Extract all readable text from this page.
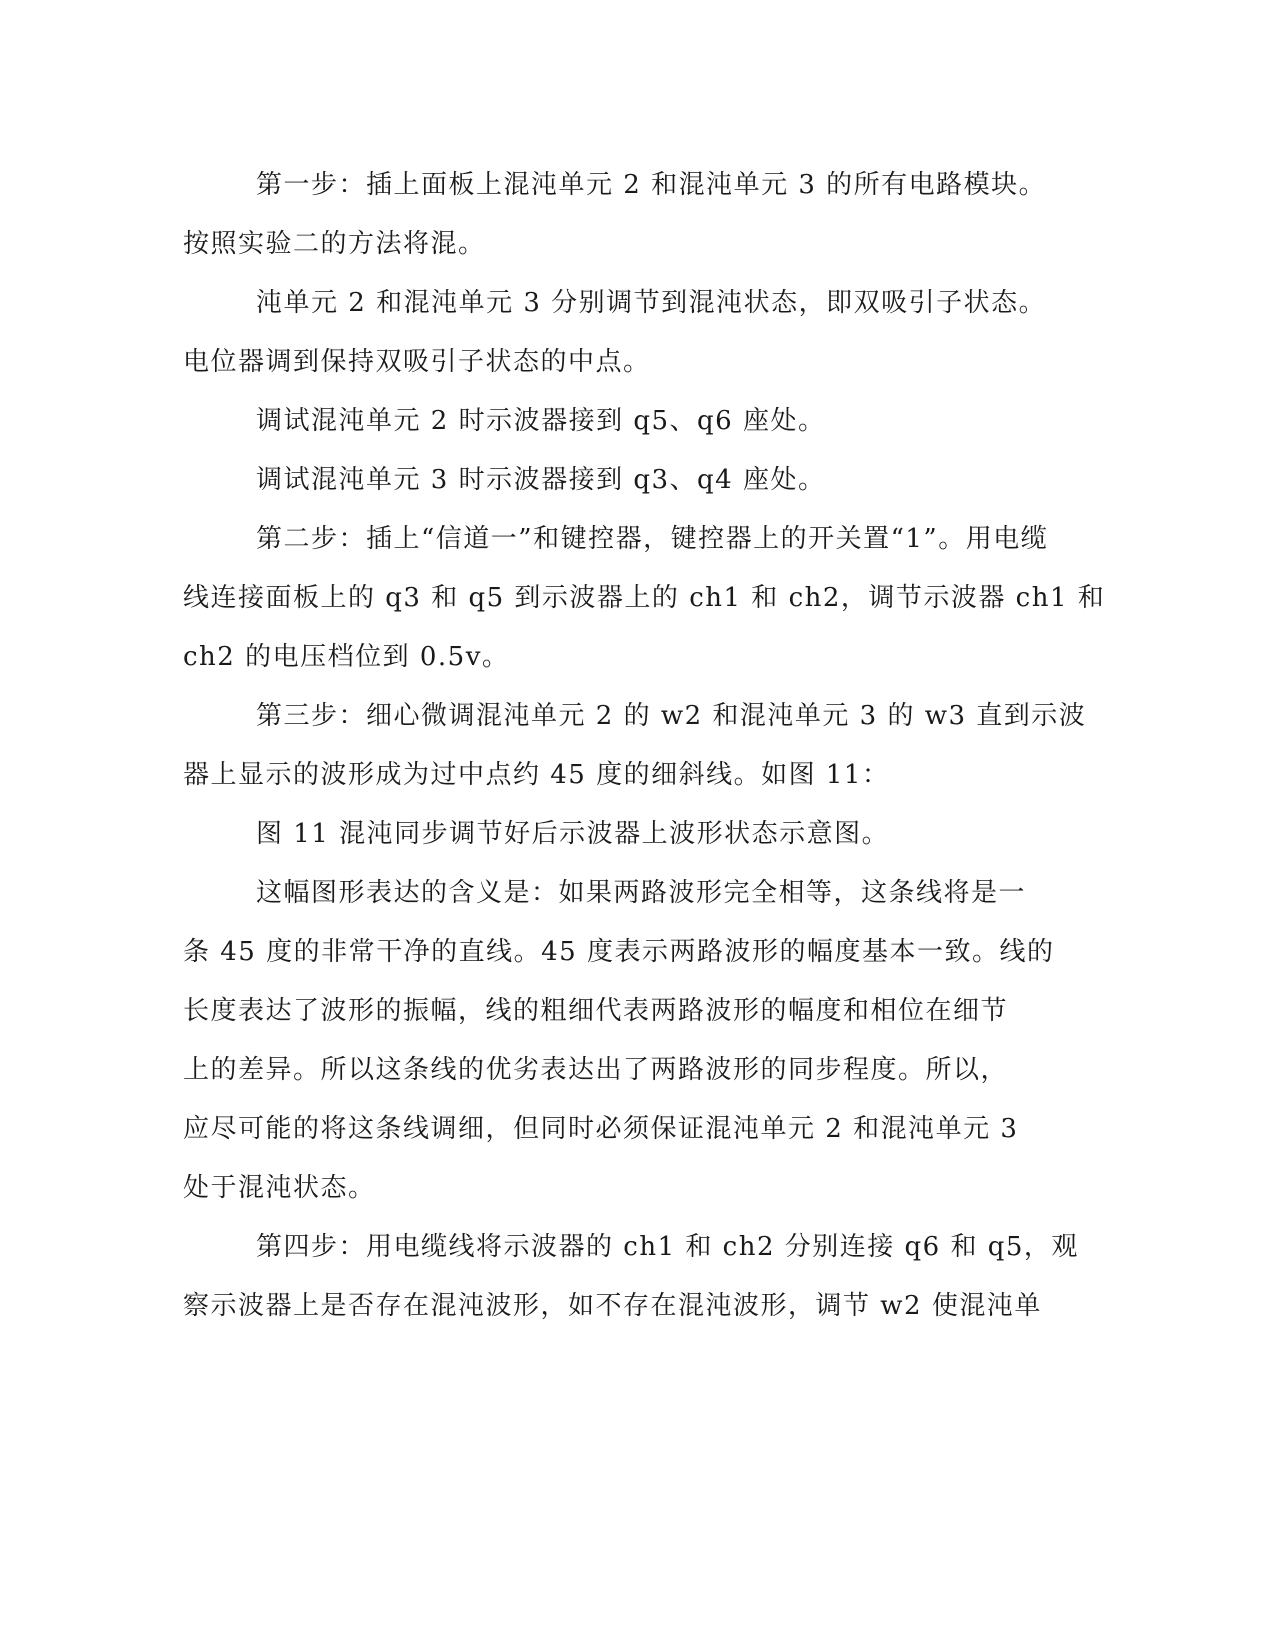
第一步：插上面板上混沌单元 2 和混沌单元 3 的所有电路模块。
按照实验二的方法将混。
沌单元 2 和混沌单元 3 分别调节到混沌状态，即双吸引子状态。
电位器调到保持双吸引子状态的中点。
调试混沌单元 2 时示波器接到 q5、q6 座处。
调试混沌单元 3 时示波器接到 q3、q4 座处。
第二步：插上“信道一”和键控器，键控器上的开关置“1”。用电缆
线连接面板上的 q3 和 q5 到示波器上的 ch1 和 ch2，调节示波器 ch1 和
ch2 的电压档位到 0.5v。
第三步：细心微调混沌单元 2 的 w2 和混沌单元 3 的 w3 直到示波
器上显示的波形成为过中点约 45 度的细斜线。如图 11：
图 11 混沌同步调节好后示波器上波形状态示意图。
这幅图形表达的含义是：如果两路波形完全相等，这条线将是一
条 45 度的非常干净的直线。45 度表示两路波形的幅度基本一致。线的
长度表达了波形的振幅，线的粗细代表两路波形的幅度和相位在细节
上的差异。所以这条线的优劣表达出了两路波形的同步程度。所以，
应尽可能的将这条线调细，但同时必须保证混沌单元 2 和混沌单元 3
处于混沌状态。
第四步：用电缆线将示波器的 ch1 和 ch2 分别连接 q6 和 q5，观
察示波器上是否存在混沌波形，如不存在混沌波形，调节 w2 使混沌单
